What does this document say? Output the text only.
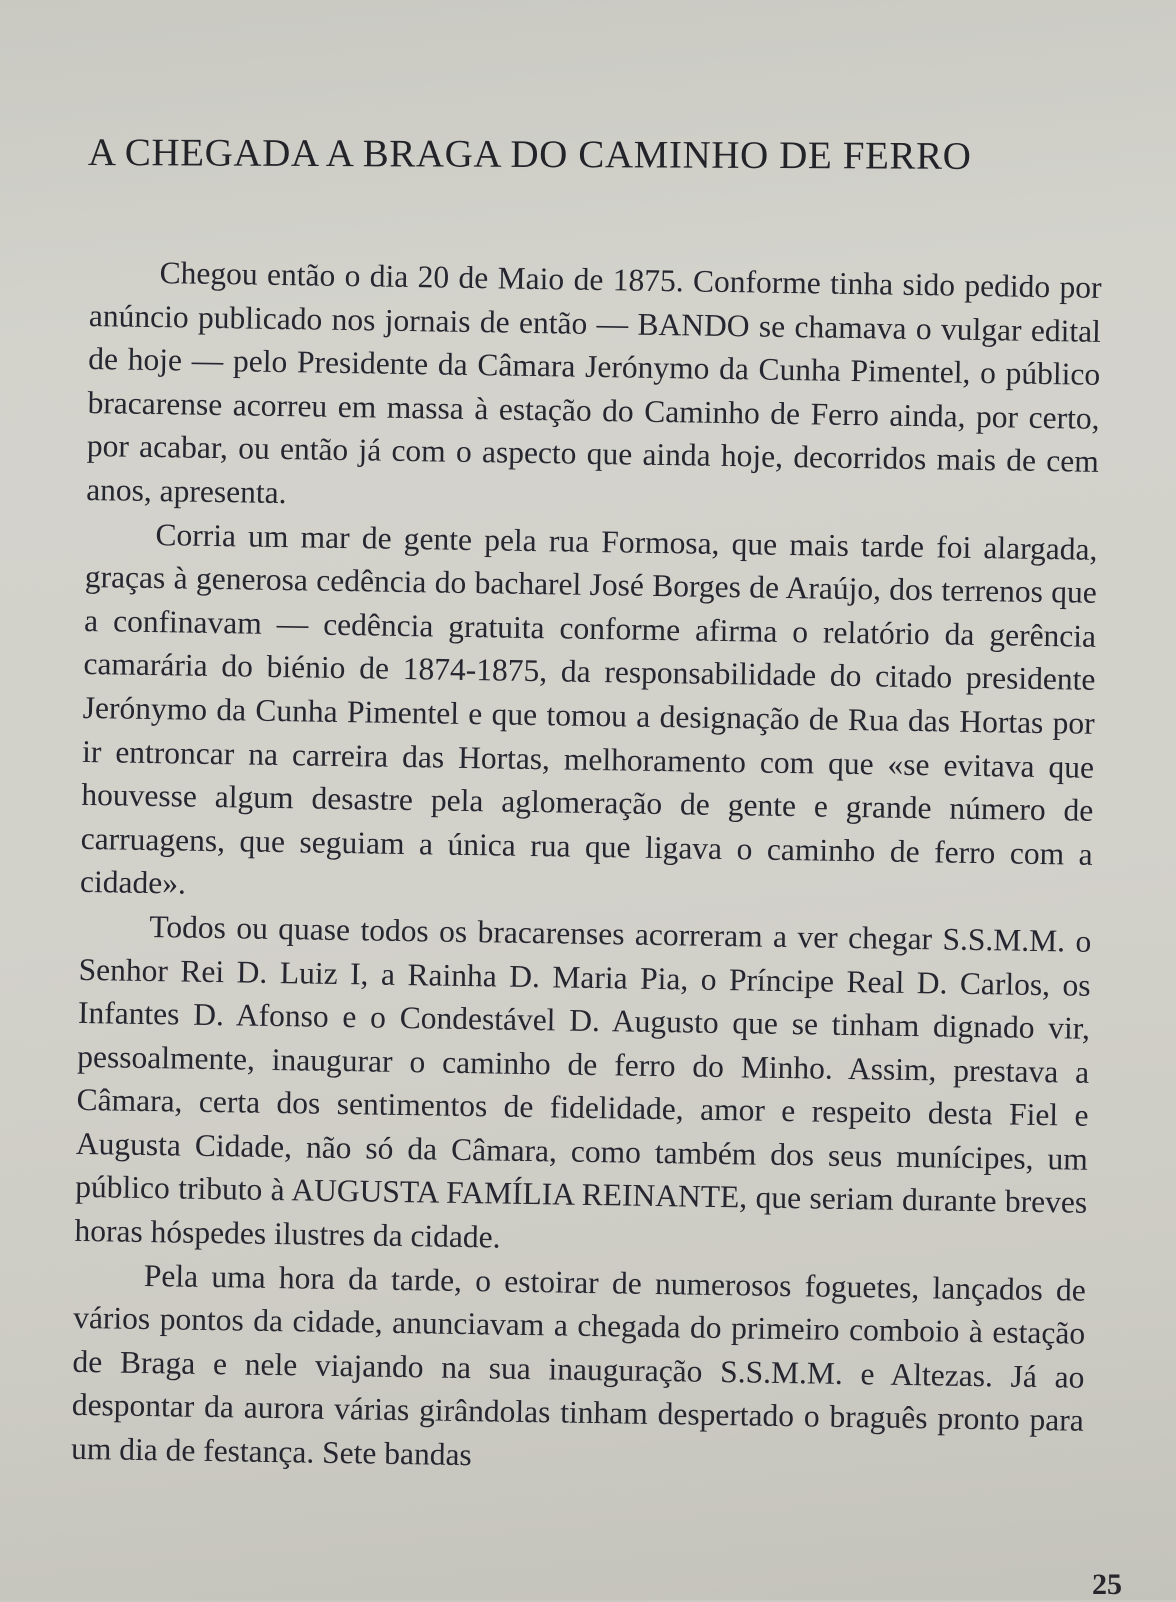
A CHEGADA A BRAGA DO CAMINHO DE FERRO

Chegou então o dia 20 de Maio de 1875. Conforme tinha sido pedido por anúncio publicado nos jornais de então — BANDO se chamava o vulgar edital de hoje — pelo Presidente da Câmara Jerónymo da Cunha Pimentel, o público bracarense acorreu em massa à estação do Caminho de Ferro ainda, por certo, por acabar, ou então já com o aspecto que ainda hoje, decorridos mais de cem anos, apresenta.

Corria um mar de gente pela rua Formosa, que mais tarde foi alargada, graças à generosa cedência do bacharel José Borges de Araújo, dos terrenos que a confinavam — cedência gratuita conforme afirma o relatório da gerência camarária do biénio de 1874-1875, da responsabilidade do citado presidente Jerónymo da Cunha Pimentel e que tomou a designação de Rua das Hortas por ir entroncar na carreira das Hortas, melhoramento com que «se evitava que houvesse algum desastre pela aglomeração de gente e grande número de carruagens, que seguiam a única rua que ligava o caminho de ferro com a cidade».

Todos ou quase todos os bracarenses acorreram a ver chegar S.S.M.M. o Senhor Rei D. Luiz I, a Rainha D. Maria Pia, o Príncipe Real D. Carlos, os Infantes D. Afonso e o Condestável D. Augusto que se tinham dignado vir, pessoalmente, inaugurar o caminho de ferro do Minho. Assim, prestava a Câmara, certa dos sentimentos de fidelidade, amor e respeito desta Fiel e Augusta Cidade, não só da Câmara, como também dos seus munícipes, um público tributo à AUGUSTA FAMÍLIA REINANTE, que seriam durante breves horas hóspedes ilustres da cidade.

Pela uma hora da tarde, o estoirar de numerosos foguetes, lançados de vários pontos da cidade, anunciavam a chegada do primeiro comboio à estação de Braga e nele viajando na sua inauguração S.S.M.M. e Altezas. Já ao despontar da aurora várias girândolas tinham despertado o braguês pronto para um dia de festança. Sete bandas

25
